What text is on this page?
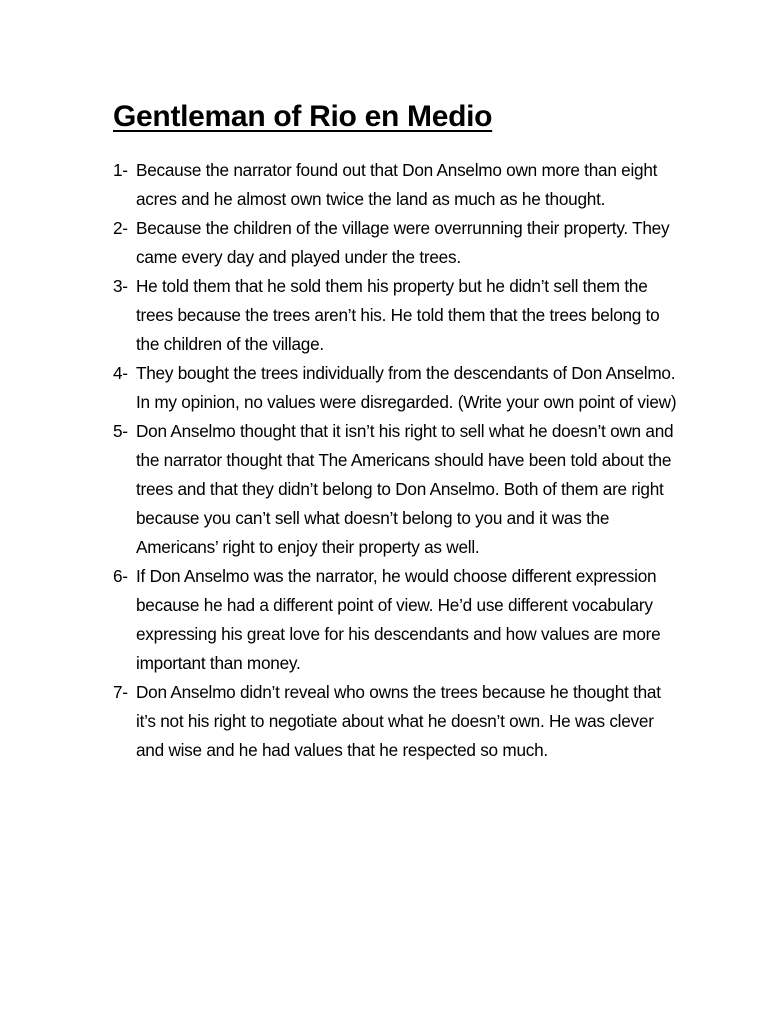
Gentleman of Rio en Medio
1- Because the narrator found out that Don Anselmo own more than eight acres and he almost own twice the land as much as he thought.
2- Because the children of the village were overrunning their property. They came every day and played under the trees.
3- He told them that he sold them his property but he didn’t sell them the trees because the trees aren’t his. He told them that the trees belong to the children of the village.
4- They bought the trees individually from the descendants of Don Anselmo. In my opinion, no values were disregarded. (Write your own point of view)
5- Don Anselmo thought that it isn’t his right to sell what he doesn’t own and the narrator thought that The Americans should have been told about the trees and that they didn’t belong to Don Anselmo. Both of them are right because you can’t sell what doesn’t belong to you and it was the Americans’ right to enjoy their property as well.
6- If Don Anselmo was the narrator, he would choose different expression because he had a different point of view. He’d use different vocabulary expressing his great love for his descendants and how values are more important than money.
7- Don Anselmo didn’t reveal who owns the trees because he thought that it’s not his right to negotiate about what he doesn’t own. He was clever and wise and he had values that he respected so much.
